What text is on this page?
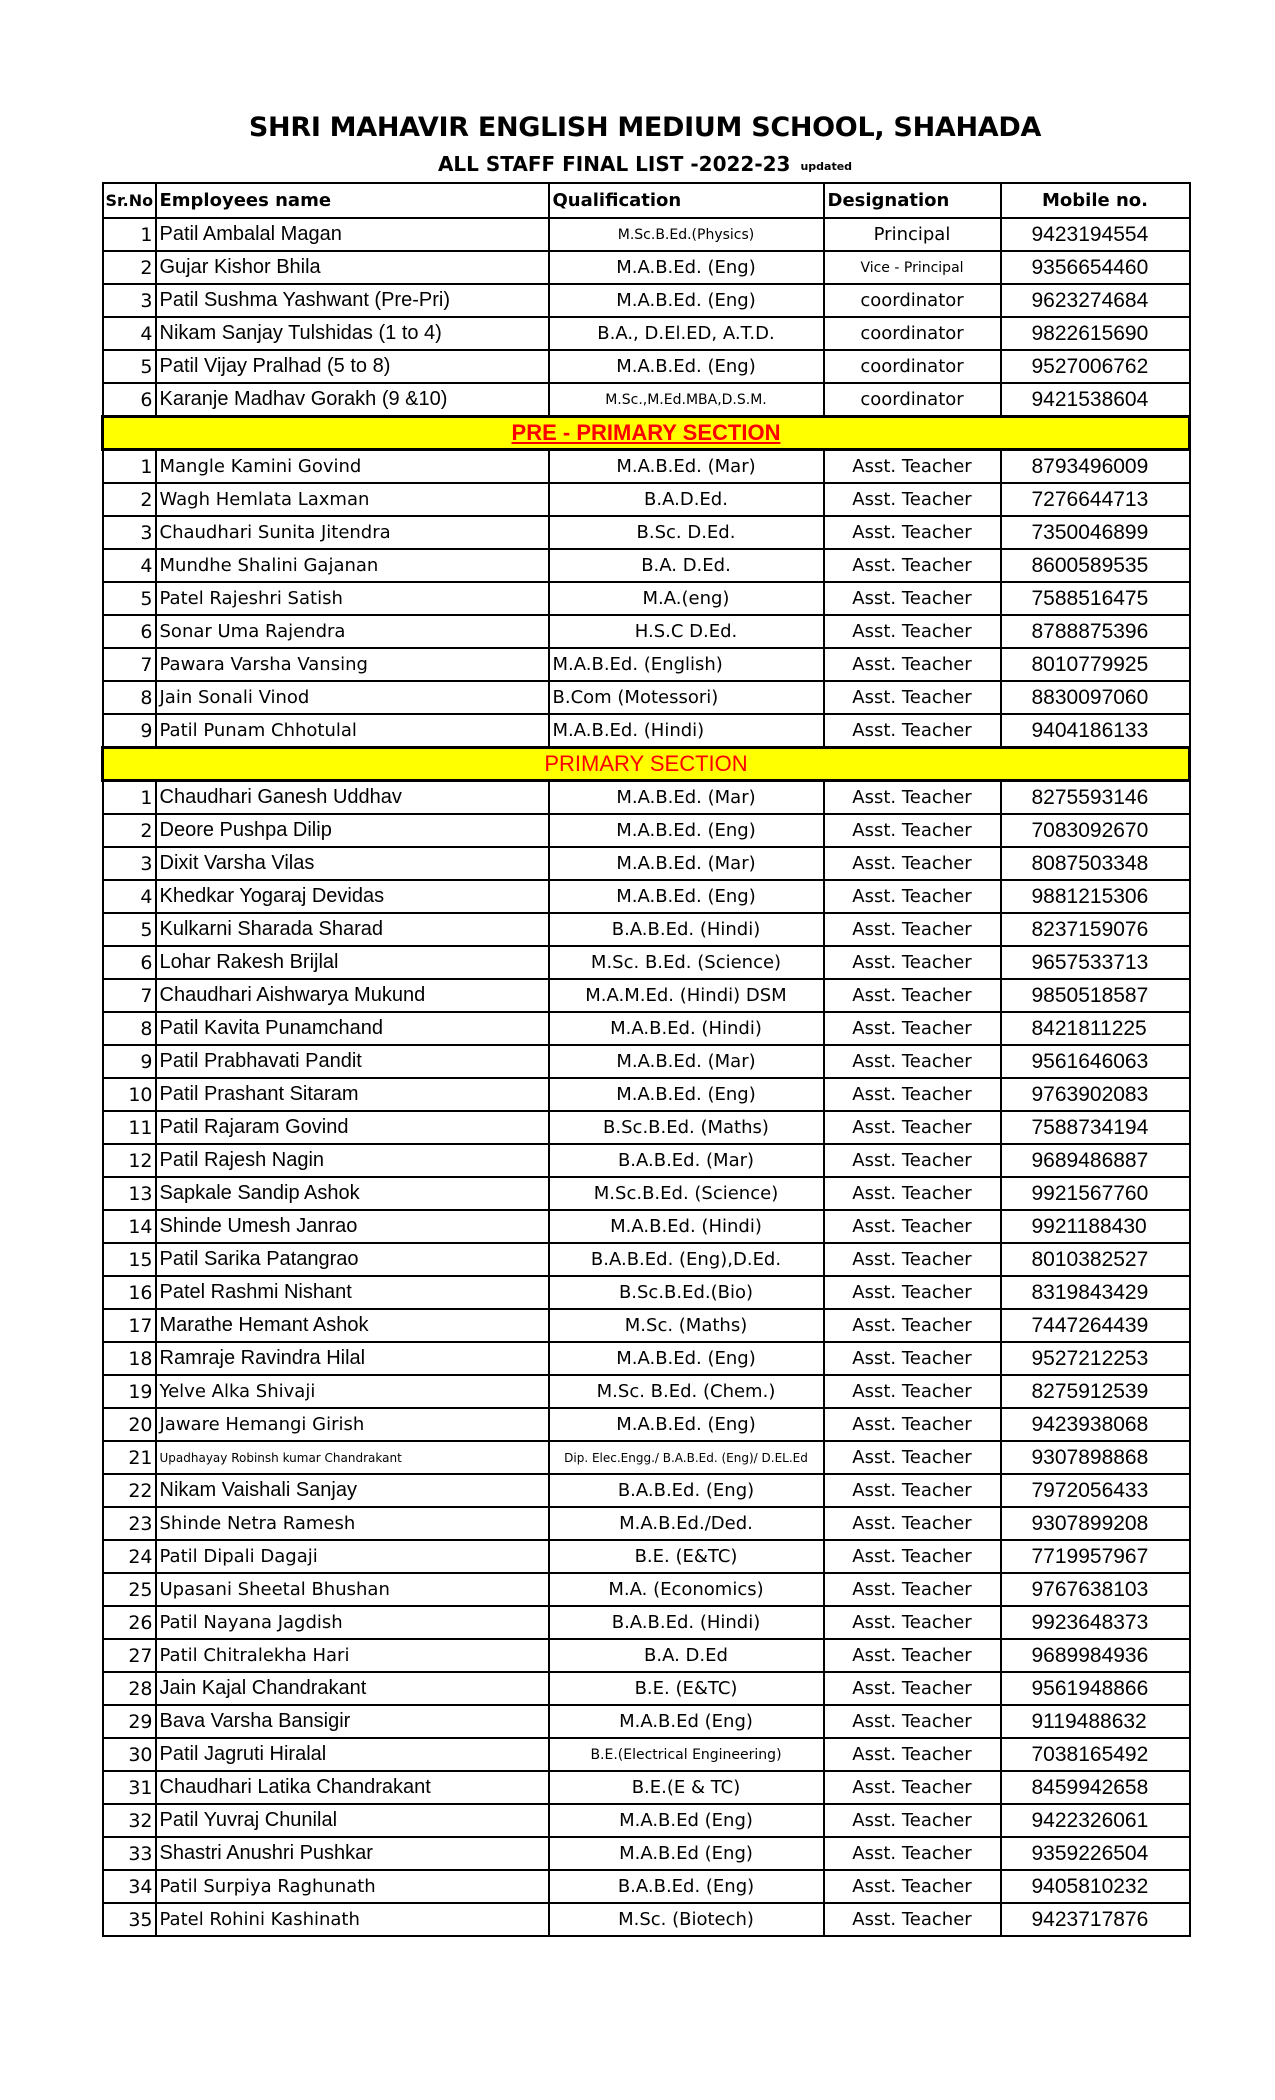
SHRI MAHAVIR ENGLISH MEDIUM SCHOOL, SHAHADA
ALL STAFF FINAL LIST -2022-23 updated
Sr.No	Employees name	Qualification	Designation	Mobile no.
1	Patil Ambalal Magan	M.Sc.B.Ed.(Physics)	Principal	9423194554
2	Gujar Kishor Bhila	M.A.B.Ed. (Eng)	Vice - Principal	9356654460
3	Patil Sushma Yashwant (Pre-Pri)	M.A.B.Ed. (Eng)	coordinator	9623274684
4	Nikam Sanjay Tulshidas (1 to 4)	B.A., D.El.ED, A.T.D.	coordinator	9822615690
5	Patil Vijay Pralhad (5 to 8)	M.A.B.Ed. (Eng)	coordinator	9527006762
6	Karanje Madhav Gorakh (9 &10)	M.Sc.,M.Ed.MBA,D.S.M.	coordinator	9421538604
PRE - PRIMARY SECTION				
1	Mangle Kamini Govind	M.A.B.Ed. (Mar)	Asst. Teacher	8793496009
2	Wagh Hemlata Laxman	B.A.D.Ed.	Asst. Teacher	7276644713
3	Chaudhari Sunita Jitendra	B.Sc. D.Ed.	Asst. Teacher	7350046899
4	Mundhe Shalini Gajanan	B.A. D.Ed.	Asst. Teacher	8600589535
5	Patel Rajeshri Satish	M.A.(eng)	Asst. Teacher	7588516475
6	Sonar Uma Rajendra	H.S.C D.Ed.	Asst. Teacher	8788875396
7	Pawara Varsha Vansing	M.A.B.Ed. (English)	Asst. Teacher	8010779925
8	Jain Sonali Vinod	B.Com (Motessori)	Asst. Teacher	8830097060
9	Patil Punam Chhotulal	M.A.B.Ed. (Hindi)	Asst. Teacher	9404186133
PRIMARY SECTION				
1	Chaudhari Ganesh Uddhav	M.A.B.Ed. (Mar)	Asst. Teacher	8275593146
2	Deore Pushpa Dilip	M.A.B.Ed. (Eng)	Asst. Teacher	7083092670
3	Dixit Varsha Vilas	M.A.B.Ed. (Mar)	Asst. Teacher	8087503348
4	Khedkar Yogaraj Devidas	M.A.B.Ed. (Eng)	Asst. Teacher	9881215306
5	Kulkarni Sharada Sharad	B.A.B.Ed. (Hindi)	Asst. Teacher	8237159076
6	Lohar Rakesh Brijlal	M.Sc. B.Ed. (Science)	Asst. Teacher	9657533713
7	Chaudhari Aishwarya Mukund	M.A.M.Ed. (Hindi) DSM	Asst. Teacher	9850518587
8	Patil Kavita Punamchand	M.A.B.Ed. (Hindi)	Asst. Teacher	8421811225
9	Patil Prabhavati Pandit	M.A.B.Ed. (Mar)	Asst. Teacher	9561646063
10	Patil Prashant Sitaram	M.A.B.Ed. (Eng)	Asst. Teacher	9763902083
11	Patil Rajaram Govind	B.Sc.B.Ed. (Maths)	Asst. Teacher	7588734194
12	Patil Rajesh Nagin	B.A.B.Ed. (Mar)	Asst. Teacher	9689486887
13	Sapkale Sandip Ashok	M.Sc.B.Ed. (Science)	Asst. Teacher	9921567760
14	Shinde Umesh Janrao	M.A.B.Ed. (Hindi)	Asst. Teacher	9921188430
15	Patil Sarika Patangrao	B.A.B.Ed. (Eng),D.Ed.	Asst. Teacher	8010382527
16	Patel Rashmi Nishant	B.Sc.B.Ed.(Bio)	Asst. Teacher	8319843429
17	Marathe Hemant Ashok	M.Sc. (Maths)	Asst. Teacher	7447264439
18	Ramraje Ravindra Hilal	M.A.B.Ed. (Eng)	Asst. Teacher	9527212253
19	Yelve Alka Shivaji	M.Sc. B.Ed. (Chem.)	Asst. Teacher	8275912539
20	Jaware Hemangi Girish	M.A.B.Ed. (Eng)	Asst. Teacher	9423938068
21	Upadhayay Robinsh kumar Chandrakant	Dip. Elec.Engg./ B.A.B.Ed. (Eng)/ D.EL.Ed	Asst. Teacher	9307898868
22	Nikam Vaishali Sanjay	B.A.B.Ed. (Eng)	Asst. Teacher	7972056433
23	Shinde Netra Ramesh	M.A.B.Ed./Ded.	Asst. Teacher	9307899208
24	Patil Dipali Dagaji	B.E. (E&TC)	Asst. Teacher	7719957967
25	Upasani Sheetal Bhushan	M.A. (Economics)	Asst. Teacher	9767638103
26	Patil Nayana Jagdish	B.A.B.Ed. (Hindi)	Asst. Teacher	9923648373
27	Patil Chitralekha Hari	B.A. D.Ed	Asst. Teacher	9689984936
28	Jain Kajal Chandrakant	B.E. (E&TC)	Asst. Teacher	9561948866
29	Bava Varsha Bansigir	M.A.B.Ed (Eng)	Asst. Teacher	9119488632
30	Patil Jagruti Hiralal	B.E.(Electrical Engineering)	Asst. Teacher	7038165492
31	Chaudhari Latika Chandrakant	B.E.(E & TC)	Asst. Teacher	8459942658
32	Patil Yuvraj Chunilal	M.A.B.Ed (Eng)	Asst. Teacher	9422326061
33	Shastri Anushri Pushkar	M.A.B.Ed (Eng)	Asst. Teacher	9359226504
34	Patil Surpiya Raghunath	B.A.B.Ed. (Eng)	Asst. Teacher	9405810232
35	Patel Rohini Kashinath	M.Sc. (Biotech)	Asst. Teacher	9423717876
